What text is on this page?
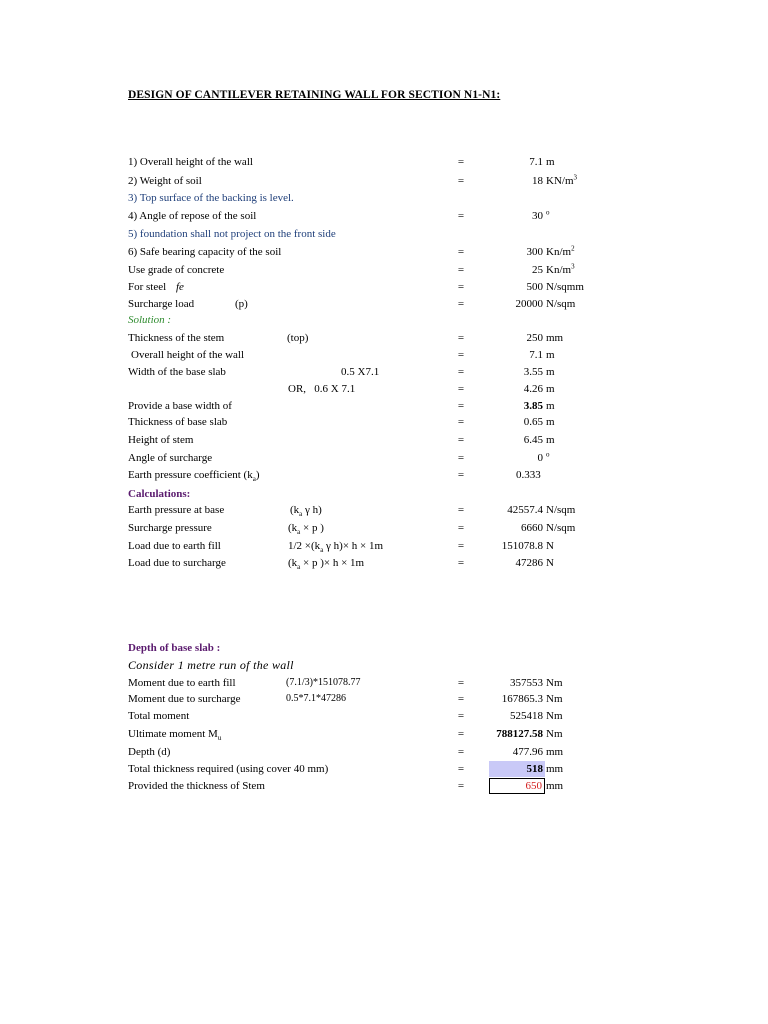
DESIGN OF CANTILEVER RETAINING WALL FOR SECTION N1-N1:
1) Overall height of the wall	=	7.1 m
2) Weight of soil	=	18 $KN/m^3$
3) Top surface of the backing is level.
4) Angle of repose of the soil	=	30 $^o$
5) foundation shall not project on the front side
6) Safe bearing capacity of the soil	=	300 $Kn/m^2$
Use grade of concrete	=	25 $Kn/m^3$
For steel fe	=	500 N/sqmm
Surcharge load	(p)	=	20000 N/sqm
Solution :
Thickness of the stem	(top)	=	250 mm
Overall height of the wall	=	7.1 m
Width of the base slab	0.5 X7.1	=	3.55 m
OR,   0.6 X 7.1	=	4.26 m
Provide a base width of	=	3.85 m
Thickness of base slab	=	0.65 m
Height of stem	=	6.45 m
Angle of surcharge	=	0 $^o$
Earth pressure coefficient $(k_a)$	=	0.333
Calculations:
Earth pressure at base	($k_a$ γ h)	=	42557.4 N/sqm
Surcharge pressure	($k_a \times p$ )	=	6660 N/sqm
Load due to earth fill	$1/2 \times(k_a$ γ h)× h × 1m	=	151078.8 N
Load due to surcharge	($k_a \times p$ )× h × 1m	=	47286 N
Depth of base slab :
Consider 1 metre run of the wall
Moment due to earth fill	(7.1/3)*151078.77	=	357553 Nm
Moment due to surcharge	0.5*7.1*47286	=	167865.3 Nm
Total moment	=	525418 Nm
Ultimate moment $M_u$	=	788127.58 Nm
Depth (d)	=	477.96 mm
Total thickness required (using cover 40 mm)	=	518 mm
Provided the thickness of Stem	=	650 mm
